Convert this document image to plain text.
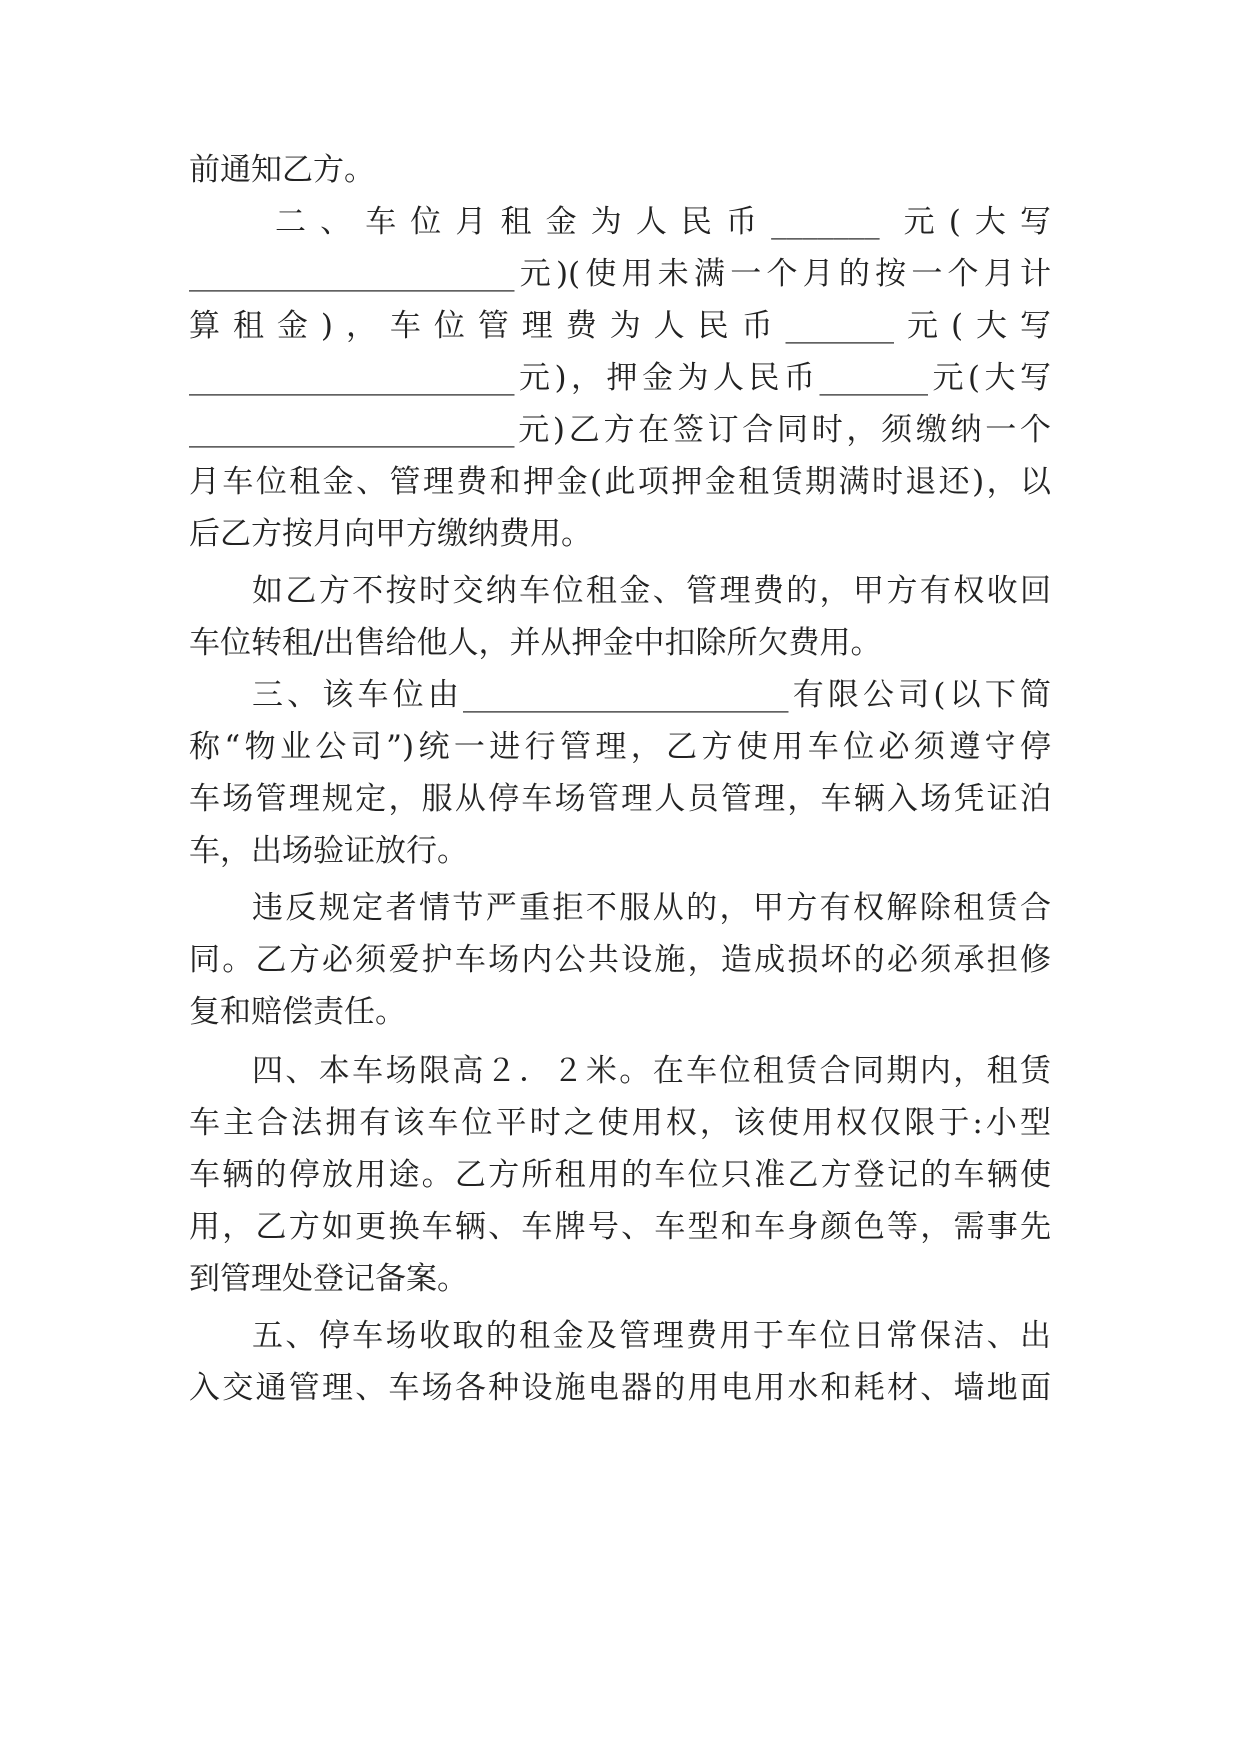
前通知乙方。
二、车位月租金为人民币_______ 元(大写
_____________________元)(使用未满一个月的按一个月计
算租金)，车位管理费为人民币_______元(大写
_____________________元)，押金为人民币_______元(大写
_____________________元)乙方在签订合同时，须缴纳一个
月车位租金、管理费和押金(此项押金租赁期满时退还)，以
后乙方按月向甲方缴纳费用。
如乙方不按时交纳车位租金、管理费的，甲方有权收回
车位转租/出售给他人，并从押金中扣除所欠费用。
三、该车位由_____________________有限公司(以下简
称“物业公司”)统一进行管理，乙方使用车位必须遵守停
车场管理规定，服从停车场管理人员管理，车辆入场凭证泊
车，出场验证放行。
违反规定者情节严重拒不服从的，甲方有权解除租赁合
同。乙方必须爱护车场内公共设施，造成损坏的必须承担修
复和赔偿责任。
四、本车场限高２．２米。在车位租赁合同期内，租赁
车主合法拥有该车位平时之使用权，该使用权仅限于:小型
车辆的停放用途。乙方所租用的车位只准乙方登记的车辆使
用，乙方如更换车辆、车牌号、车型和车身颜色等，需事先
到管理处登记备案。
五、停车场收取的租金及管理费用于车位日常保洁、出
入交通管理、车场各种设施电器的用电用水和耗材、墙地面
